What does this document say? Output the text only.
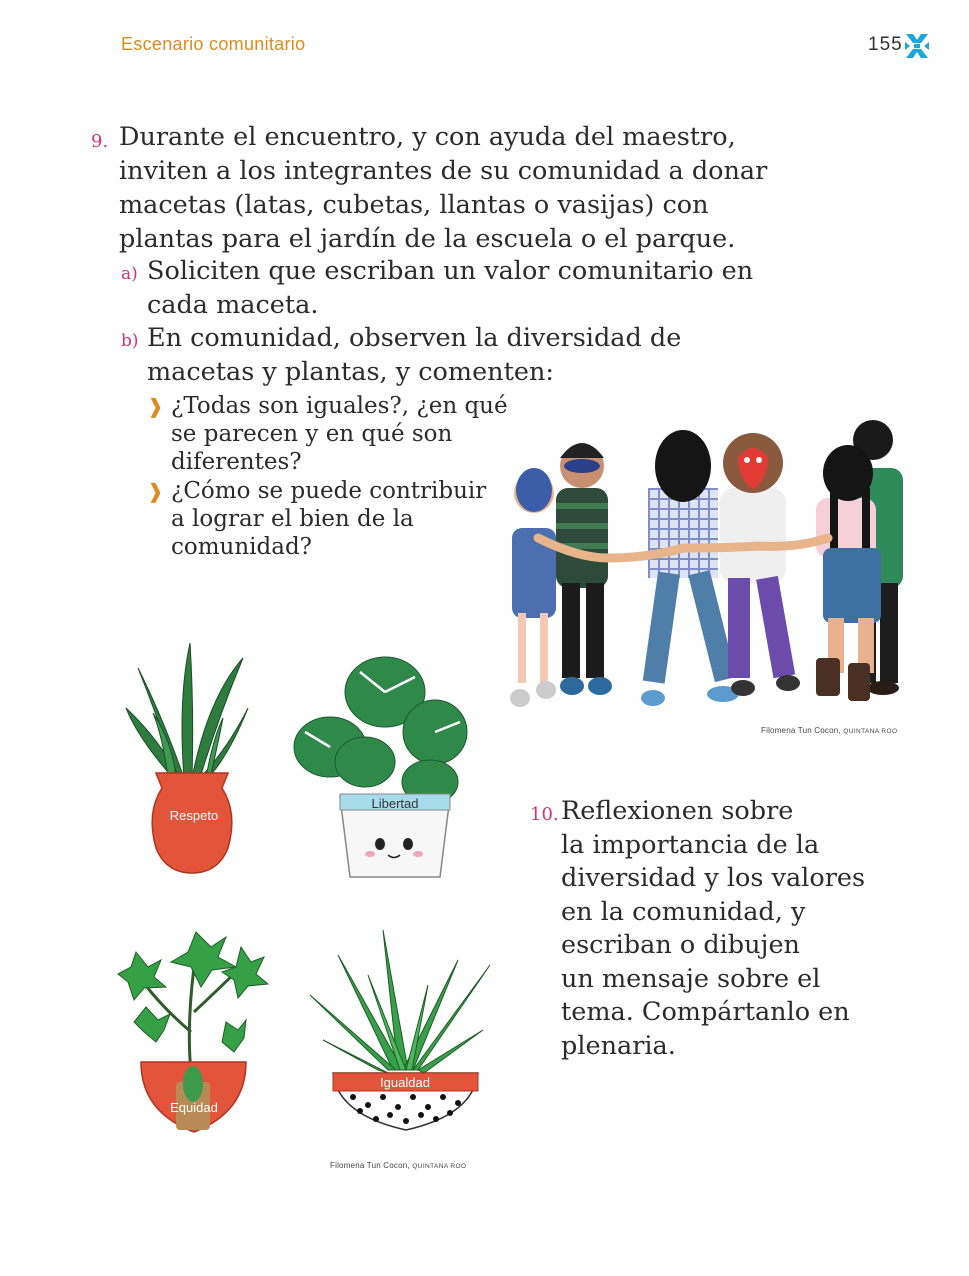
Escenario comunitario	155
9. Durante el encuentro, y con ayuda del maestro,
inviten a los integrantes de su comunidad a donar
macetas (latas, cubetas, llantas o vasijas) con
plantas para el jardín de la escuela o el parque.
a) Soliciten que escriban un valor comunitario en
cada maceta.
b) En comunidad, observen la diversidad de
macetas y plantas, y comenten:
❱ ¿Todas son iguales?, ¿en qué
se parecen y en qué son
diferentes?
❱ ¿Cómo se puede contribuir
a lograr el bien de la
comunidad?
Filomena Tun Cocon, QUINTANA ROO
Respeto
Libertad
Equidad
Igualdad
Filomena Tun Cocon, QUINTANA ROO
10. Reflexionen sobre
la importancia de la
diversidad y los valores
en la comunidad, y
escriban o dibujen
un mensaje sobre el
tema. Compártanlo en
plenaria.
